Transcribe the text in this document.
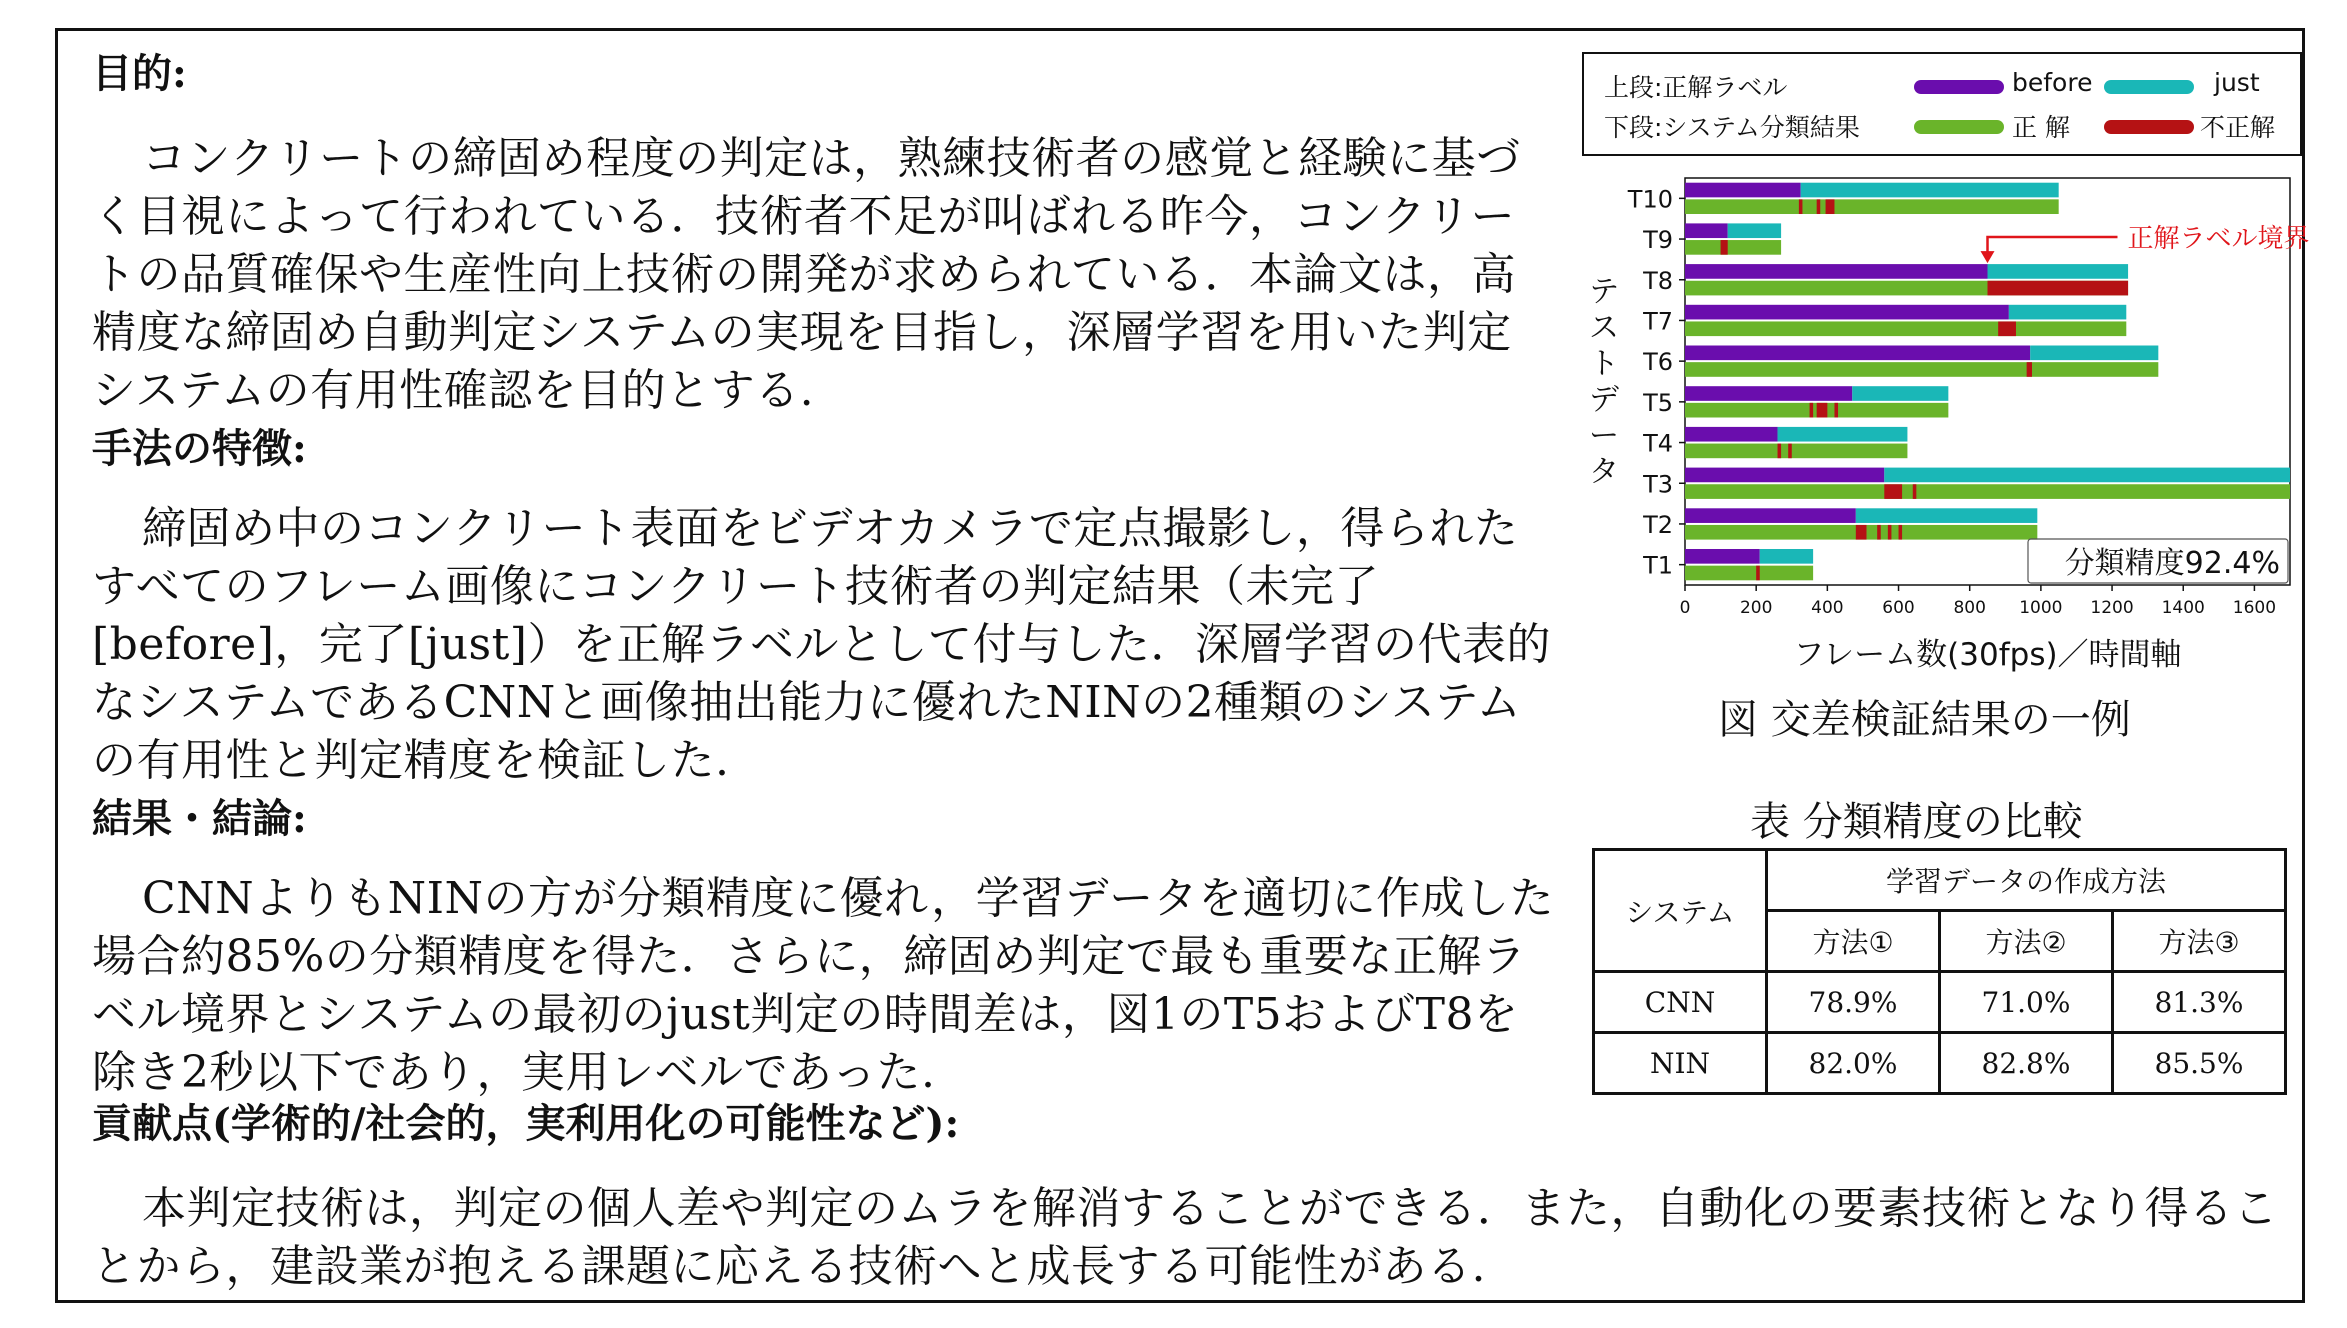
目的:

コンクリートの締固め程度の判定は，熟練技術者の感覚と経験に基づく目視によって行われている．技術者不足が叫ばれる昨今，コンクリートの品質確保や生産性向上技術の開発が求められている．本論文は，高精度な締固め自動判定システムの実現を目指し，深層学習を用いた判定システムの有用性確認を目的とする.

手法の特徴:

締固め中のコンクリート表面をビデオカメラで定点撮影し，得られたすべてのフレーム画像にコンクリート技術者の判定結果（未完了[before]，完了[just]）を正解ラベルとして付与した．深層学習の代表的なシステムであるCNNと画像抽出能力に優れたNINの2種類のシステムの有用性と判定精度を検証した.

結果・結論:

CNNよりもNINの方が分類精度に優れ，学習データを適切に作成した場合約85%の分類精度を得た．さらに，締固め判定で最も重要な正解ラベル境界とシステムの最初のjust判定の時間差は，図1のT5およびT8を除き2秒以下であり，実用レベルであった.

貢献点(学術的/社会的，実利用化の可能性など):

本判定技術は，判定の個人差や判定のムラを解消することができる．また，自動化の要素技術となり得ることから，建設業が抱える課題に応える技術へと成長する可能性がある.

上段:正解ラベル
下段:システム分類結果
before	just
正 解	不正解
T1
T2
T3
T4
T5
T6
T7
T8
T9
T10
0	200 400 600 800 1000 1200 1400 1600
フレーム数(30fps)／時間軸
テストデータ
正解ラベル境界
分類精度92.4%
図 交差検証結果の一例
表 分類精度の比較
システム	学習データの作成方法		
	方法①	方法②	方法③
CNN	78.9%	71.0%	81.3%
NIN	82.0%	82.8%	85.5%
